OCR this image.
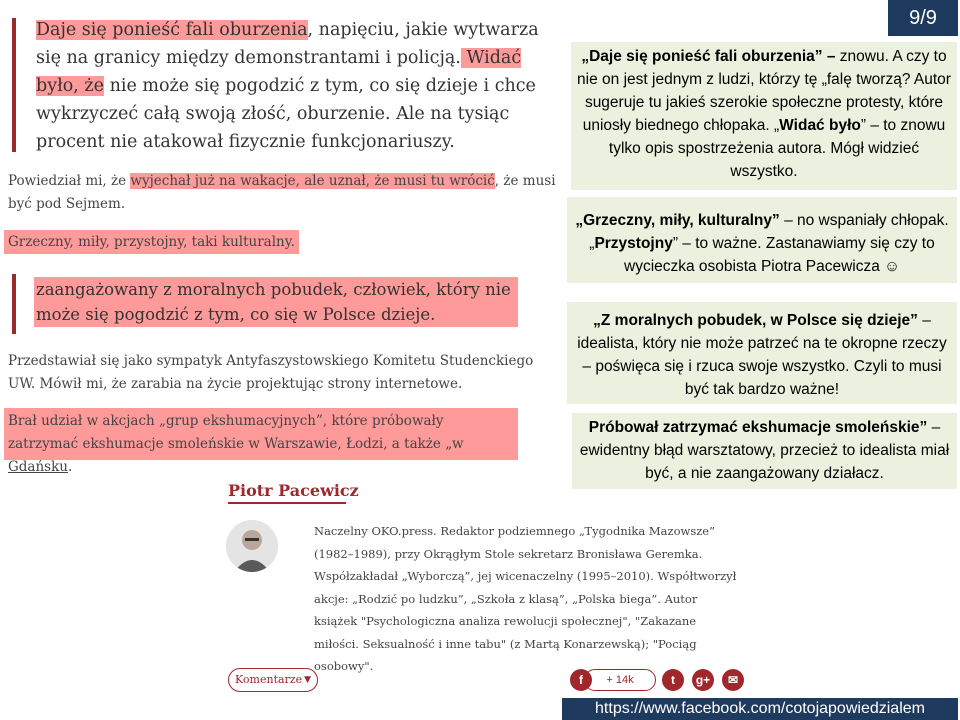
9/9
Daje się ponieść fali oburzenia, napięciu, jakie wytwarza się na granicy między demonstrantami i policją. Widać było, że nie może się pogodzić z tym, co się dzieje i chce wykrzyczeć całą swoją złość, oburzenie. Ale na tysiąc procent nie atakował fizycznie funkcjonariuszy.
Powiedział mi, że wyjechał już na wakacje, ale uznał, że musi tu wrócić, że musi być pod Sejmem.
Grzeczny, miły, przystojny, taki kulturalny.
zaangażowany z moralnych pobudek, człowiek, który nie może się pogodzić z tym, co się w Polsce dzieje.
Przedstawiał się jako sympatyk Antyfaszystowskiego Komitetu Studenckiego UW. Mówił mi, że zarabia na życie projektując strony internetowe.
Brał udział w akcjach „grup ekshumacyjnych”, które próbowały zatrzymać ekshumacje smoleńskie w Warszawie, Łodzi, a także „w Gdańsku.
Piotr Pacewicz
Naczelny OKO.press. Redaktor podziemnego „Tygodnika Mazowsze” (1982–1989), przy Okrągłym Stole sekretarz Bronisława Geremka. Współzakładał „Wyborczą”, jej wicenaczelny (1995–2010). Współtworzył akcje: „Rodzić po ludzku”, „Szkoła z klasą”, „Polska biega”. Autor książek "Psychologiczna analiza rewolucji społecznej", "Zakazane miłości. Seksualność i inne tabu" (z Martą Konarzewską); "Pociąg osobowy".
Komentarze ▼	f	+ 14k	t	g+	✉
„Daje się ponieść fali oburzenia” – znowu. A czy to nie on jest jednym z ludzi, którzy tę „falę tworzą? Autor sugeruje tu jakieś szerokie społeczne protesty, które uniosły biednego chłopaka. „Widać było” – to znowu tylko opis spostrzeżenia autora. Mógł widzieć wszystko.
„Grzeczny, miły, kulturalny” – no wspaniały chłopak. „Przystojny” – to ważne. Zastanawiamy się czy to wycieczka osobista Piotra Pacewicza ☺
„Z moralnych pobudek, w Polsce się dzieje” – idealista, który nie może patrzeć na te okropne rzeczy – poświęca się i rzuca swoje wszystko. Czyli to musi być tak bardzo ważne!
Próbował zatrzymać ekshumacje smoleńskie” – ewidentny błąd warsztatowy, przecież to idealista miał być, a nie zaangażowany działacz.
https://www.facebook.com/cotojapowiedzialem
